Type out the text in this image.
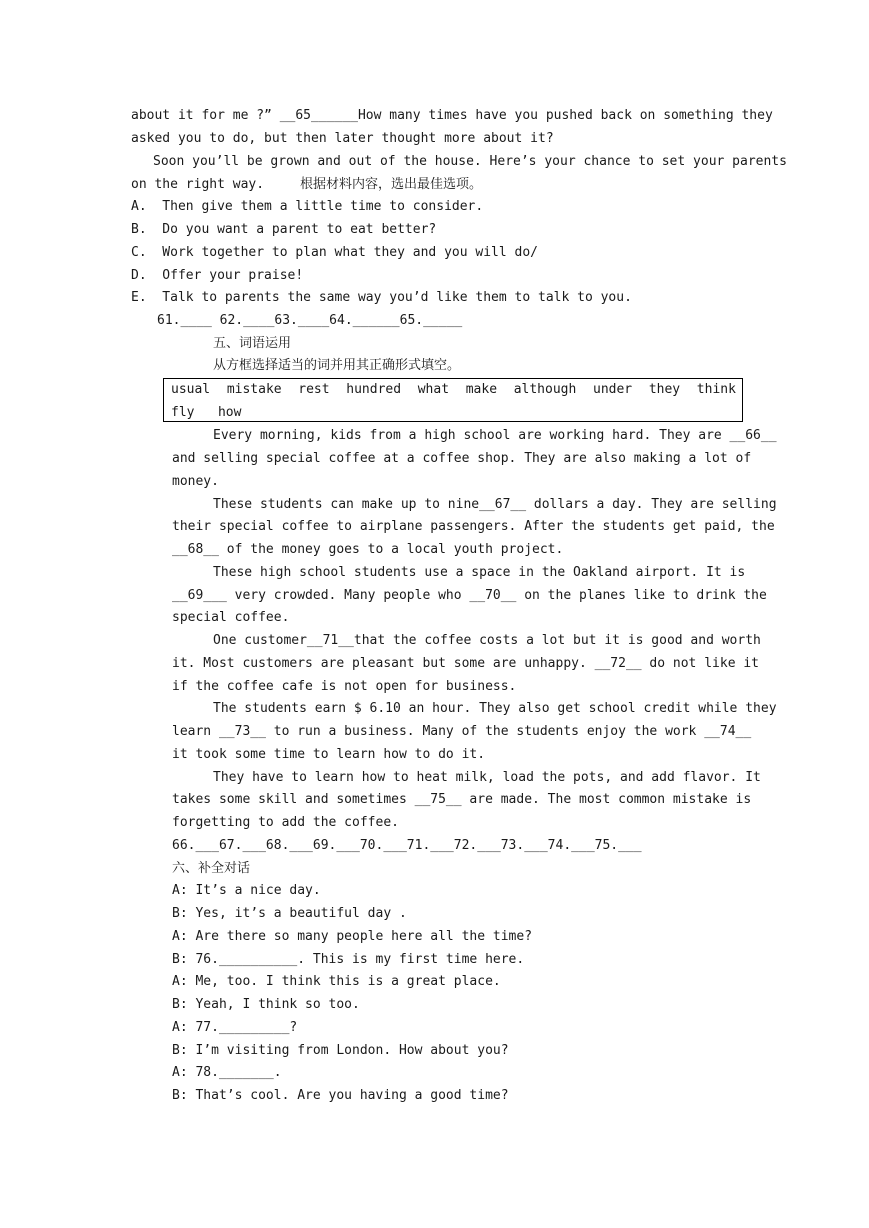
about it for me ?” __65______How many times have you pushed back on something they
asked you to do, but then later thought more about it?
Soon you’ll be grown and out of the house. Here’s your chance to set your parents
on the right way.	根据材料内容，选出最佳选项。
A.  Then give them a little time to consider.
B.  Do you want a parent to eat better?
C.  Work together to plan what they and you will do/
D.  Offer your praise!
E.  Talk to parents the same way you’d like them to talk to you.
61.____ 62.____63.____64.______65._____
五、词语运用
从方框选择适当的词并用其正确形式填空。
usual mistake rest hundred what make although under they think
fly how
Every morning, kids from a high school are working hard. They are __66__
and selling special coffee at a coffee shop. They are also making a lot of
money.
These students can make up to nine__67__ dollars a day. They are selling
their special coffee to airplane passengers. After the students get paid, the
__68__ of the money goes to a local youth project.
These high school students use a space in the Oakland airport. It is
__69___ very crowded. Many people who __70__ on the planes like to drink the
special coffee.
One customer__71__that the coffee costs a lot but it is good and worth
it. Most customers are pleasant but some are unhappy. __72__ do not like it
if the coffee cafe is not open for business.
The students earn $ 6.10 an hour. They also get school credit while they
learn __73__ to run a business. Many of the students enjoy the work __74__
it took some time to learn how to do it.
They have to learn how to heat milk, load the pots, and add flavor. It
takes some skill and sometimes __75__ are made. The most common mistake is
forgetting to add the coffee.
66.___67.___68.___69.___70.___71.___72.___73.___74.___75.___
六、补全对话
A: It’s a nice day.
B: Yes, it’s a beautiful day .
A: Are there so many people here all the time?
B: 76.__________. This is my first time here.
A: Me, too. I think this is a great place.
B: Yeah, I think so too.
A: 77._________?
B: I’m visiting from London. How about you?
A: 78._______.
B: That’s cool. Are you having a good time?
